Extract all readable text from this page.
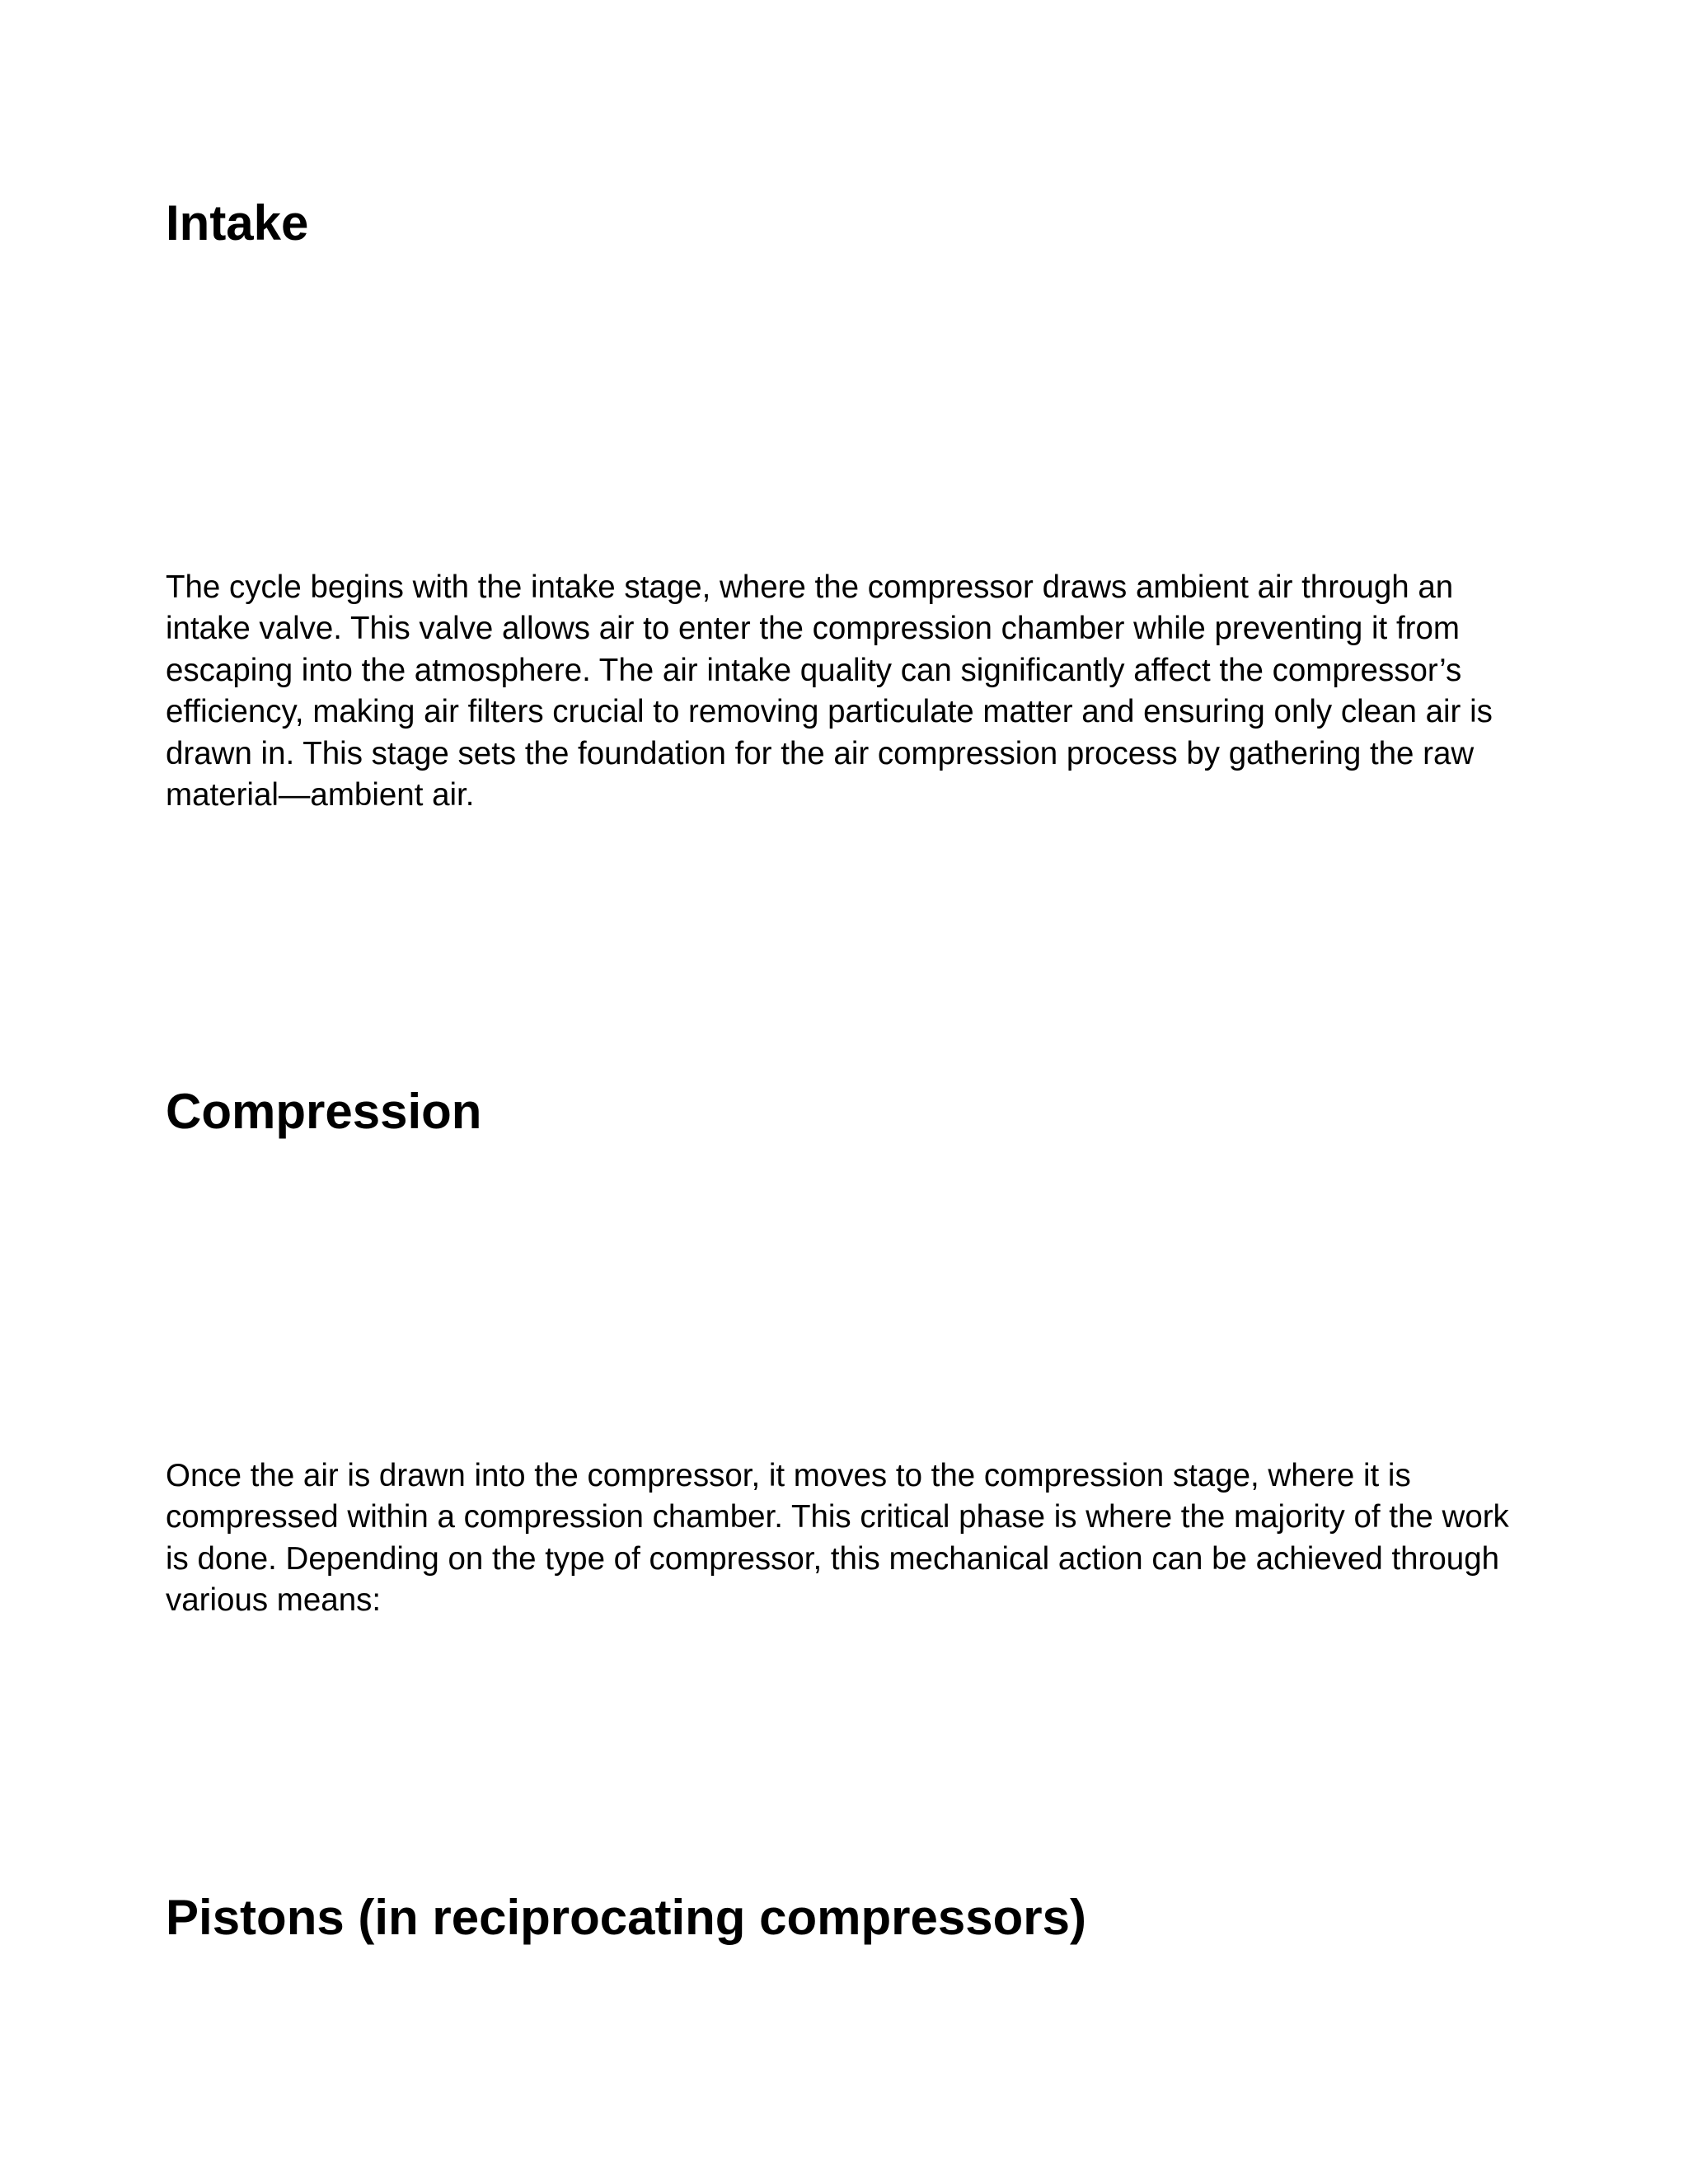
Intake

The cycle begins with the intake stage, where the compressor draws ambient air through an
intake valve. This valve allows air to enter the compression chamber while preventing it from
escaping into the atmosphere. The air intake quality can significantly affect the compressor’s
efficiency, making air filters crucial to removing particulate matter and ensuring only clean air is
drawn in. This stage sets the foundation for the air compression process by gathering the raw
material—ambient air.

Compression

Once the air is drawn into the compressor, it moves to the compression stage, where it is
compressed within a compression chamber. This critical phase is where the majority of the work
is done. Depending on the type of compressor, this mechanical action can be achieved through
various means:

Pistons (in reciprocating compressors)
